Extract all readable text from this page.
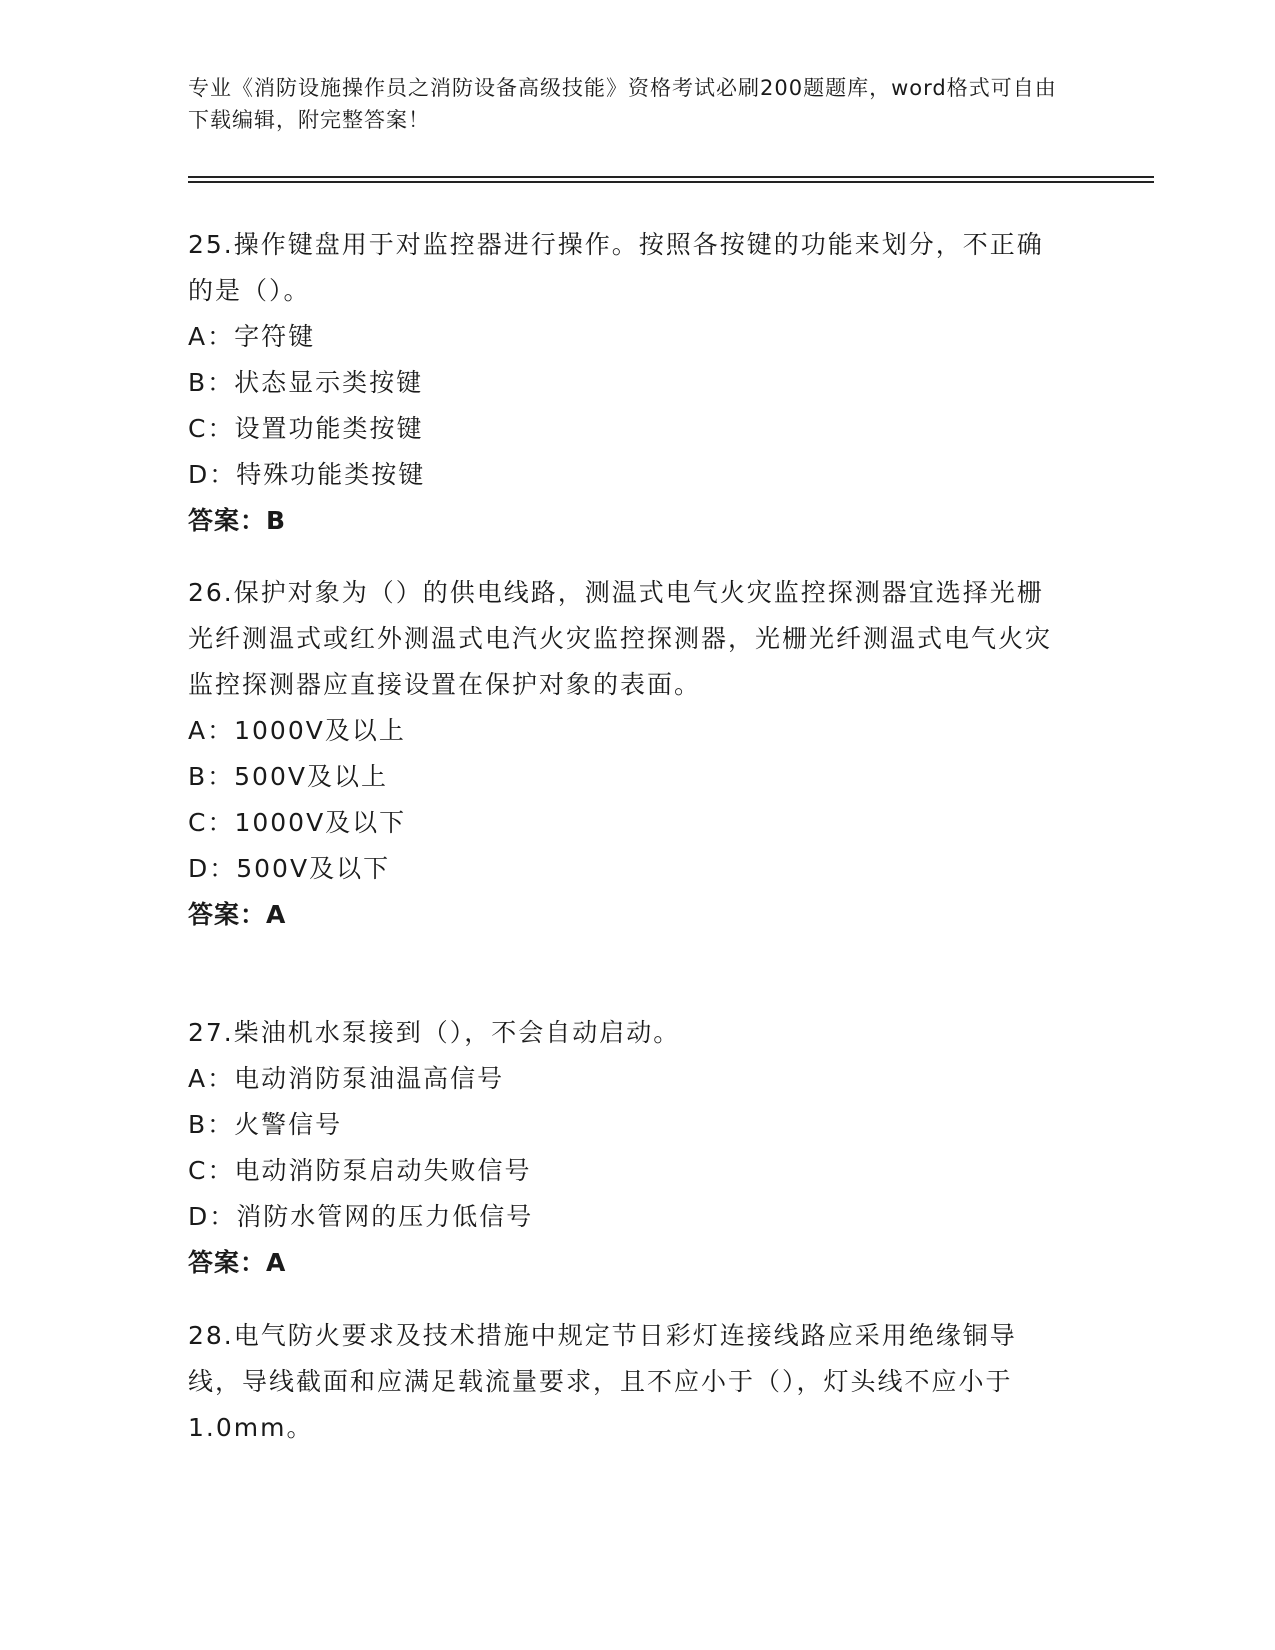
专业《消防设施操作员之消防设备高级技能》资格考试必刷200题题库，word格式可自由下载编辑，附完整答案！

25.操作键盘用于对监控器进行操作。按照各按键的功能来划分，不正确的是（）。

A：字符键

B：状态显示类按键

C：设置功能类按键

D：特殊功能类按键

答案：B

26.保护对象为（）的供电线路，测温式电气火灾监控探测器宜选择光栅光纤测温式或红外测温式电汽火灾监控探测器，光栅光纤测温式电气火灾监控探测器应直接设置在保护对象的表面。

A：1000V及以上

B：500V及以上

C：1000V及以下

D：500V及以下

答案：A

27.柴油机水泵接到（），不会自动启动。

A：电动消防泵油温高信号

B：火警信号

C：电动消防泵启动失败信号

D：消防水管网的压力低信号

答案：A

28.电气防火要求及技术措施中规定节日彩灯连接线路应采用绝缘铜导线，导线截面和应满足载流量要求，且不应小于（），灯头线不应小于1.0mm。
